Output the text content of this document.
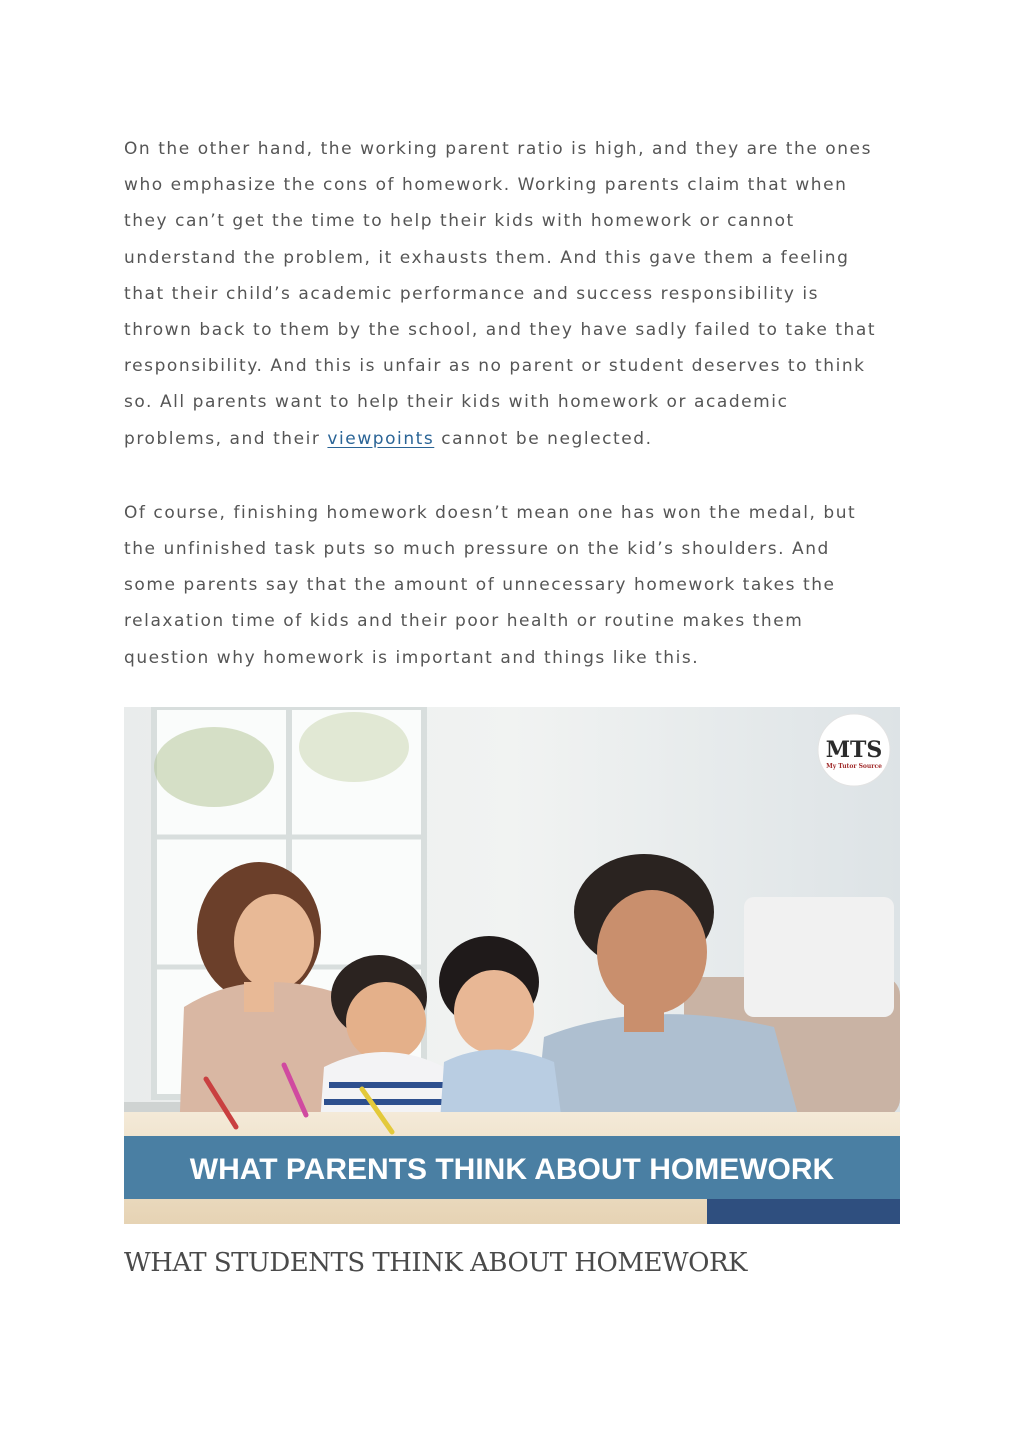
On the other hand, the working parent ratio is high, and they are the ones
who emphasize the cons of homework. Working parents claim that when
they can’t get the time to help their kids with homework or cannot
understand the problem, it exhausts them. And this gave them a feeling
that their child’s academic performance and success responsibility is
thrown back to them by the school, and they have sadly failed to take that
responsibility. And this is unfair as no parent or student deserves to think
so. All parents want to help their kids with homework or academic
problems, and their viewpoints cannot be neglected.

Of course, finishing homework doesn’t mean one has won the medal, but
the unfinished task puts so much pressure on the kid’s shoulders. And
some parents say that the amount of unnecessary homework takes the
relaxation time of kids and their poor health or routine makes them
question why homework is important and things like this.

WHAT PARENTS THINK ABOUT HOMEWORK
MTS
My Tutor Source
WHAT STUDENTS THINK ABOUT HOMEWORK
